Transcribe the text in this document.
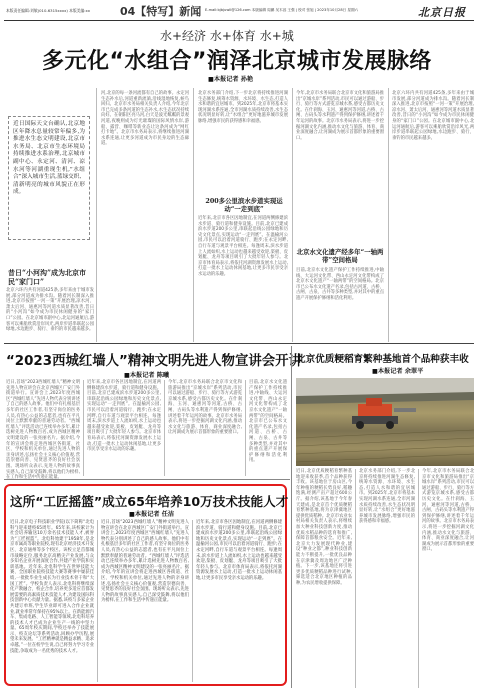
本版责任编辑:刘敏(010-6315xxxx) 本版美编:xx	04【特写】新闻 E-mail:bjbjuwll@126.com 本版编辑 周鹏 吴木蕊 王强 | 校对 张旭 | 2023年10月28日 星期六	北京日报
水+经济 水+体育 水+城
多元化“水组合”润泽北京城市发展脉络
■本报记者 孙艳
近日国际天文台确认,北京地区年降水总量较常年偏多,为推进水生态文明建设,北京市水务局、北京市生态环境局持续推进水系治理,北京城市副中心、永定河、清河、凉水河等河湖重现生机,“水组合”深入城市生活,蓝绿交织、清新明亮的城市风貌正在形成。
昔日“小河沟”成为北京市民“家门口”
北京六环内共有河道425条,多年来由于城市发展,部分河道成为排水沟。随着河长制深入推进,北京市按照“一河一策”开展治理,凉水河、萧太后河、通惠河等河道水质显著改善,昔日的“小河沟”如今成为市民休闲健身的“家门口”公园。在北京城市副中心,北运河通航后,游客可以乘船欣赏沿岸风光,两岸步道串联起公园绿地,水边跑步、骑行、垂钓的市民越来越多。
河,北京的每一条河流都有自己的故事。永定河生态补水后,河道重新流淌,沿线湿地恢复,候鸟回归。北京市水务局相关负责人介绍,今年北京市已完成多条河道的生态补水,水生态状况持续向好。在朝阳区亮马河,白天是波光粼粼的景观河道,夜晚则成为灯光璀璨的国际风情水岸,游船、露营、咖啡等新业态让这条河成为“网红打卡地”。北京市水务局表示,将继续推进河湖水系连通,让更多河道成为市民身边的生态廊道。
北京水务部门介绍,下一步北京将持续推进河湖生态修复,统筹水资源、水环境、水生态,打造人水和谐的宜居城市。到2025年,北京市将基本实现河湖水系连通,全市河湖水质持续改善,水生态状况明显好转,让“水组合”更好地滋养城市发展脉络,增强市民的获得感和幸福感。
200多公里滨水步道实现运动“一走到底”
近年来,北京市各区因地制宜,在河道两侧修建滨水步道、骑行道和健身设施。目前,北京已建成滨水步道200多公里,串联起沿线公园绿地和历史文化景点,实现运动“一走到底”。在温榆河公园,市民可以沿着河道骑行、跑步;在永定河畔,自行车道与观景平台相连。每逢周末,滨水步道上人流如织,水上运动也越来越受欢迎,桨板、皮划艇、龙舟等项目吸引了大批年轻人参与。北京市体育局表示,将依托河湖资源发展水上运动,打造一批水上运动休闲基地,让更多市民享受亲水运动的乐趣。
今年,北京市水务局联合北京市文化和旅游局推出“京城水岸”系列活动,市民可以通过游船、步行、骑行等方式游览京城水系,感受古都历史文化。在什刹海、玉河、通惠河等河道,古桥、古闸、古码头等水利遗产得到保护修缮,讲述着千年运河的故事。北京市水务局表示,将进一步挖掘河湖文化内涵,推动水文化与旅游、体育、商业深度融合,让河湖成为展示首都形象的重要窗口。
北京水文化遗产经多年“一轴两带”空间格局
目前,北京水文化遗产保护工作持续推进,中轴线、大运河文化带、西山永定河文化带构成了北京水文化遗产“一轴两带”的空间格局。北京市已公布水文化遗产名录,包括古河道、古桥、古闸、古泉、古井等多种类型,并对其中的重点遗产开展保护修缮和活化利用。
北京六环内共有河道425条,多年来由于城市发展,部分河道成为排水沟。随着河长制深入推进,北京市按照“一河一策”开展治理,凉水河、萧太后河、通惠河等河道水质显著改善,昔日的“小河沟”如今成为市民休闲健身的“家门口”公园。在北京城市副中心,北运河通航后,游客可以乘船欣赏沿岸风光,两岸步道串联起公园绿地,水边跑步、骑行、垂钓的市民越来越多。
“2023西城红墙人”精神文明先进人物宣讲会开讲
■本报记者 陈曦
近日,首场“2023西城红墙人”精神文明先进人物宣讲会在北京西城区广安门外街道举行。宣讲会上,2023年度西城区“西城红墙人”先进人物代表分别讲述了自己的感人故事。他们中有扎根基层多年的社区工作者,有坚守岗位的医务人员,有热心公益的志愿者,也有在平凡岗位上默默奉献的普通劳动者。“西城红墙人”评选活动已连续举办多年,累计选树先进人物数百名,成为西城区精神文明建设的一张亮丽名片。据介绍,今年的宣讲会将走进西城区各街道、社区、学校和机关单位,通过先进人物的亲身讲述,弘扬社会主义核心价值观,营造崇德向善、见贤思齐的良好社会氛围。现场听众表示,先进人物的故事真实感人,自己深受鼓舞,将以他们为榜样,在工作和生活中传递正能量。
近年来,北京市各区因地制宜,在河道两侧修建滨水步道、骑行道和健身设施。目前,北京已建成滨水步道200多公里,串联起沿线公园绿地和历史文化景点,实现运动“一走到底”。在温榆河公园,市民可以沿着河道骑行、跑步;在永定河畔,自行车道与观景平台相连。每逢周末,滨水步道上人流如织,水上运动也越来越受欢迎,桨板、皮划艇、龙舟等项目吸引了大批年轻人参与。北京市体育局表示,将依托河湖资源发展水上运动,打造一批水上运动休闲基地,让更多市民享受亲水运动的乐趣。
今年,北京市水务局联合北京市文化和旅游局推出“京城水岸”系列活动,市民可以通过游船、步行、骑行等方式游览京城水系,感受古都历史文化。在什刹海、玉河、通惠河等河道,古桥、古闸、古码头等水利遗产得到保护修缮,讲述着千年运河的故事。北京市水务局表示,将进一步挖掘河湖文化内涵,推动水文化与旅游、体育、商业深度融合,让河湖成为展示首都形象的重要窗口。
目前,北京水文化遗产保护工作持续推进,中轴线、大运河文化带、西山永定河文化带构成了北京水文化遗产“一轴两带”的空间格局。北京市已公布水文化遗产名录,包括古河道、古桥、古闸、古泉、古井等多种类型,并对其中的重点遗产开展保护修缮和活化利用。
北京优质粳稻育繁种基地首个品种获丰收
■本报记者 余翠平
近日,北京优质粳稻育繁种基地迎来收获季,首个品种获得丰收。该基地位于房山区,今年种植的粳稻长势良好,稻穗饱满,经测产亩产超过600公斤。据介绍,该基地于今年春天建成,是北京首个优质粳稻育繁种基地,将为京津冀地区提供优质稻种。北京市农业农村局相关负责人表示,将继续加大种业科技创新力度,推动优质水稻品种的选育和推广,保障首都粮食安全。近年来,北京大力发展现代种业,建设“种业之都”,种业科技创新能力不断提升,一批优良品种在京津冀及周边地区广泛种植。下一步,该基地还将引进更多优质粳稻品种进行试种,筛选适合北京地区种植的品种,为农民增收提供保障。
北京水务部门介绍,下一步北京将持续推进河湖生态修复,统筹水资源、水环境、水生态,打造人水和谐的宜居城市。到2025年,北京市将基本实现河湖水系连通,全市河湖水质持续改善,水生态状况明显好转,让“水组合”更好地滋养城市发展脉络,增强市民的获得感和幸福感。
今年,北京市水务局联合北京市文化和旅游局推出“京城水岸”系列活动,市民可以通过游船、步行、骑行等方式游览京城水系,感受古都历史文化。在什刹海、玉河、通惠河等河道,古桥、古闸、古码头等水利遗产得到保护修缮,讲述着千年运河的故事。北京市水务局表示,将进一步挖掘河湖文化内涵,推动水文化与旅游、体育、商业深度融合,让河湖成为展示首都形象的重要窗口。
这所“工匠摇篮”成立65年培养10万技术技能人才
■本报记者 任洁
近日,北京电子科技职业学院(以下简称“北电科”)迎来建校65周年。65年来,该校累计为社会培养输送10万余名技术技能人才,被誉为“工匠摇篮”。北电科始建于1958年,是北京市属高等职业院校,现有北京经济技术开发区、北京通州等多个校区。该校立足首都城市战略定位,服务北京高精尖产业发展,与众多知名企业开展深度合作,共建产业学院和实训基地。近年来,北电科学生在世界技能大赛、全国职业院校技能大赛等赛事中屡获佳绩,一批批毕业生成长为行业技术骨干和“大国工匠”。学校负责人表示,北电科将继续深化产教融合、校企合作,培养更多适应首都发展需要的高素质技术技能人才,为建设国际科技创新中心贡献力量。据悉,该校与多家企业共建订单班,学生毕业即可进入合作企业就业,就业率常年保持在95%以上。在新能源汽车、集成电路、人工智能等领域,北电科培养的技术人才已成为企业生产一线的中坚力量。65周年校庆期间,学校还举办了技能展示、校友论坛等系列活动,回顾办学历程,展望未来发展。“工匠精神就是精益求精、追求卓越。”一位在校学生说,自己将努力学习专业技能,争取成为一名优秀的技术人才。
近日,首场“2023西城红墙人”精神文明先进人物宣讲会在北京西城区广安门外街道举行。宣讲会上,2023年度西城区“西城红墙人”先进人物代表分别讲述了自己的感人故事。他们中有扎根基层多年的社区工作者,有坚守岗位的医务人员,有热心公益的志愿者,也有在平凡岗位上默默奉献的普通劳动者。“西城红墙人”评选活动已连续举办多年,累计选树先进人物数百名,成为西城区精神文明建设的一张亮丽名片。据介绍,今年的宣讲会将走进西城区各街道、社区、学校和机关单位,通过先进人物的亲身讲述,弘扬社会主义核心价值观,营造崇德向善、见贤思齐的良好社会氛围。现场听众表示,先进人物的故事真实感人,自己深受鼓舞,将以他们为榜样,在工作和生活中传递正能量。
近年来,北京市各区因地制宜,在河道两侧修建滨水步道、骑行道和健身设施。目前,北京已建成滨水步道200多公里,串联起沿线公园绿地和历史文化景点,实现运动“一走到底”。在温榆河公园,市民可以沿着河道骑行、跑步;在永定河畔,自行车道与观景平台相连。每逢周末,滨水步道上人流如织,水上运动也越来越受欢迎,桨板、皮划艇、龙舟等项目吸引了大批年轻人参与。北京市体育局表示,将依托河湖资源发展水上运动,打造一批水上运动休闲基地,让更多市民享受亲水运动的乐趣。
